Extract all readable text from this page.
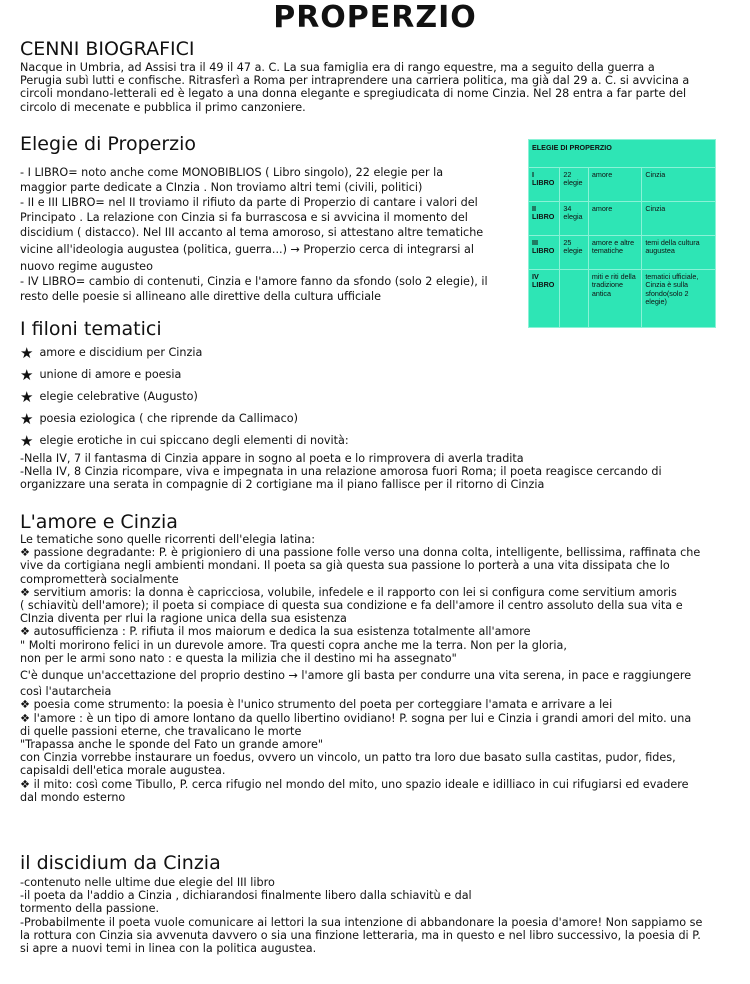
PROPERZIO
CENNI BIOGRAFICI

Nacque in Umbria, ad Assisi tra il 49 il 47 a. C. La sua famiglia era di rango equestre, ma a seguito della guerra a

Perugia subì lutti e confische. Ritrasferì a Roma per intraprendere una carriera politica, ma già dal 29 a. C. si avvicina a

circoli mondano-letterali ed è legato a una donna elegante e spregiudicata di nome Cinzia. Nel 28 entra a far parte del

circolo di mecenate e pubblica il primo canzoniere.

Elegie di Properzio

- I LIBRO= noto anche come MONOBIBLIOS ( Libro singolo), 22 elegie per la

maggior parte dedicate a CInzia . Non troviamo altri temi (civili, politici)

- II e III LIBRO= nel II troviamo il rifiuto da parte di Properzio di cantare i valori del

Principato . La relazione con Cinzia si fa burrascosa e si avvicina il momento del

discidium ( distacco). Nel III accanto al tema amoroso, si attestano altre tematiche

vicine all'ideologia augustea (politica, guerra...) → Properzio cerca di integrarsi al

nuovo regime augusteo

- IV LIBRO= cambio di contenuti, Cinzia e l'amore fanno da sfondo (solo 2 elegie), il

resto delle poesie si allineano alle direttive della cultura ufficiale

ELEGIE DI PROPERZIO			
I LIBRO	22 elegie	amore	Cinzia
II LIBRO	34 elegia	amore	Cinzia
III LIBRO	25 elegie	amore e altre tematiche	temi della cultura augustea
IV LIBRO		miti e riti della tradizione antica	tematici ufficiale, Cinzia è sulla sfondo(solo 2 elegie)
I filoni tematici
★ amore e discidium per Cinzia
★ unione di amore e poesia
★ elegie celebrative (Augusto)
★ poesia eziologica ( che riprende da Callimaco)
★ elegie erotiche in cui spiccano degli elementi di novità:

-Nella IV, 7 il fantasma di Cinzia appare in sogno al poeta e lo rimprovera di averla tradita

-Nella IV, 8 Cinzia ricompare, viva e impegnata in una relazione amorosa fuori Roma; il poeta reagisce cercando di

organizzare una serata in compagnie di 2 cortigiane ma il piano fallisce per il ritorno di Cinzia

L'amore e Cinzia

Le tematiche sono quelle ricorrenti dell'elegia latina:

❖ passione degradante: P. è prigioniero di una passione folle verso una donna colta, intelligente, bellissima, raffinata che

vive da cortigiana negli ambienti mondani. Il poeta sa già questa sua passione lo porterà a una vita dissipata che lo

comprometterà socialmente

❖ servitium amoris: la donna è capricciosa, volubile, infedele e il rapporto con lei si configura come servitium amoris

( schiavitù dell'amore); il poeta si compiace di questa sua condizione e fa dell'amore il centro assoluto della sua vita e

CInzia diventa per rlui la ragione unica della sua esistenza

❖ autosufficienza : P. rifiuta il mos maiorum e dedica la sua esistenza totalmente all'amore

" Molti morirono felici in un durevole amore. Tra questi copra anche me la terra. Non per la gloria,

non per le armi sono nato : e questa la milizia che il destino mi ha assegnato"

C'è dunque un'accettazione del proprio destino → l'amore gli basta per condurre una vita serena, in pace e raggiungere

così l'autarcheia

❖ poesia come strumento: la poesia è l'unico strumento del poeta per corteggiare l'amata e arrivare a lei

❖ l'amore : è un tipo di amore lontano da quello libertino ovidiano! P. sogna per lui e Cinzia i grandi amori del mito. una

di quelle passioni eterne, che travalicano le morte

"Trapassa anche le sponde del Fato un grande amore"

con Cinzia vorrebbe instaurare un foedus, ovvero un vincolo, un patto tra loro due basato sulla castitas, pudor, fides,

capisaldi dell'etica morale augustea.

❖ il mito: così come Tibullo, P. cerca rifugio nel mondo del mito, uno spazio ideale e idilliaco in cui rifugiarsi ed evadere

dal mondo esterno

il discidium da Cinzia

-contenuto nelle ultime due elegie del III libro

-il poeta da l'addio a Cinzia , dichiarandosi finalmente libero dalla schiavitù e dal

tormento della passione.

-Probabilmente il poeta vuole comunicare ai lettori la sua intenzione di abbandonare la poesia d'amore! Non sappiamo se

la rottura con Cinzia sia avvenuta davvero o sia una finzione letteraria, ma in questo e nel libro successivo, la poesia di P.

si apre a nuovi temi in linea con la politica augustea.
